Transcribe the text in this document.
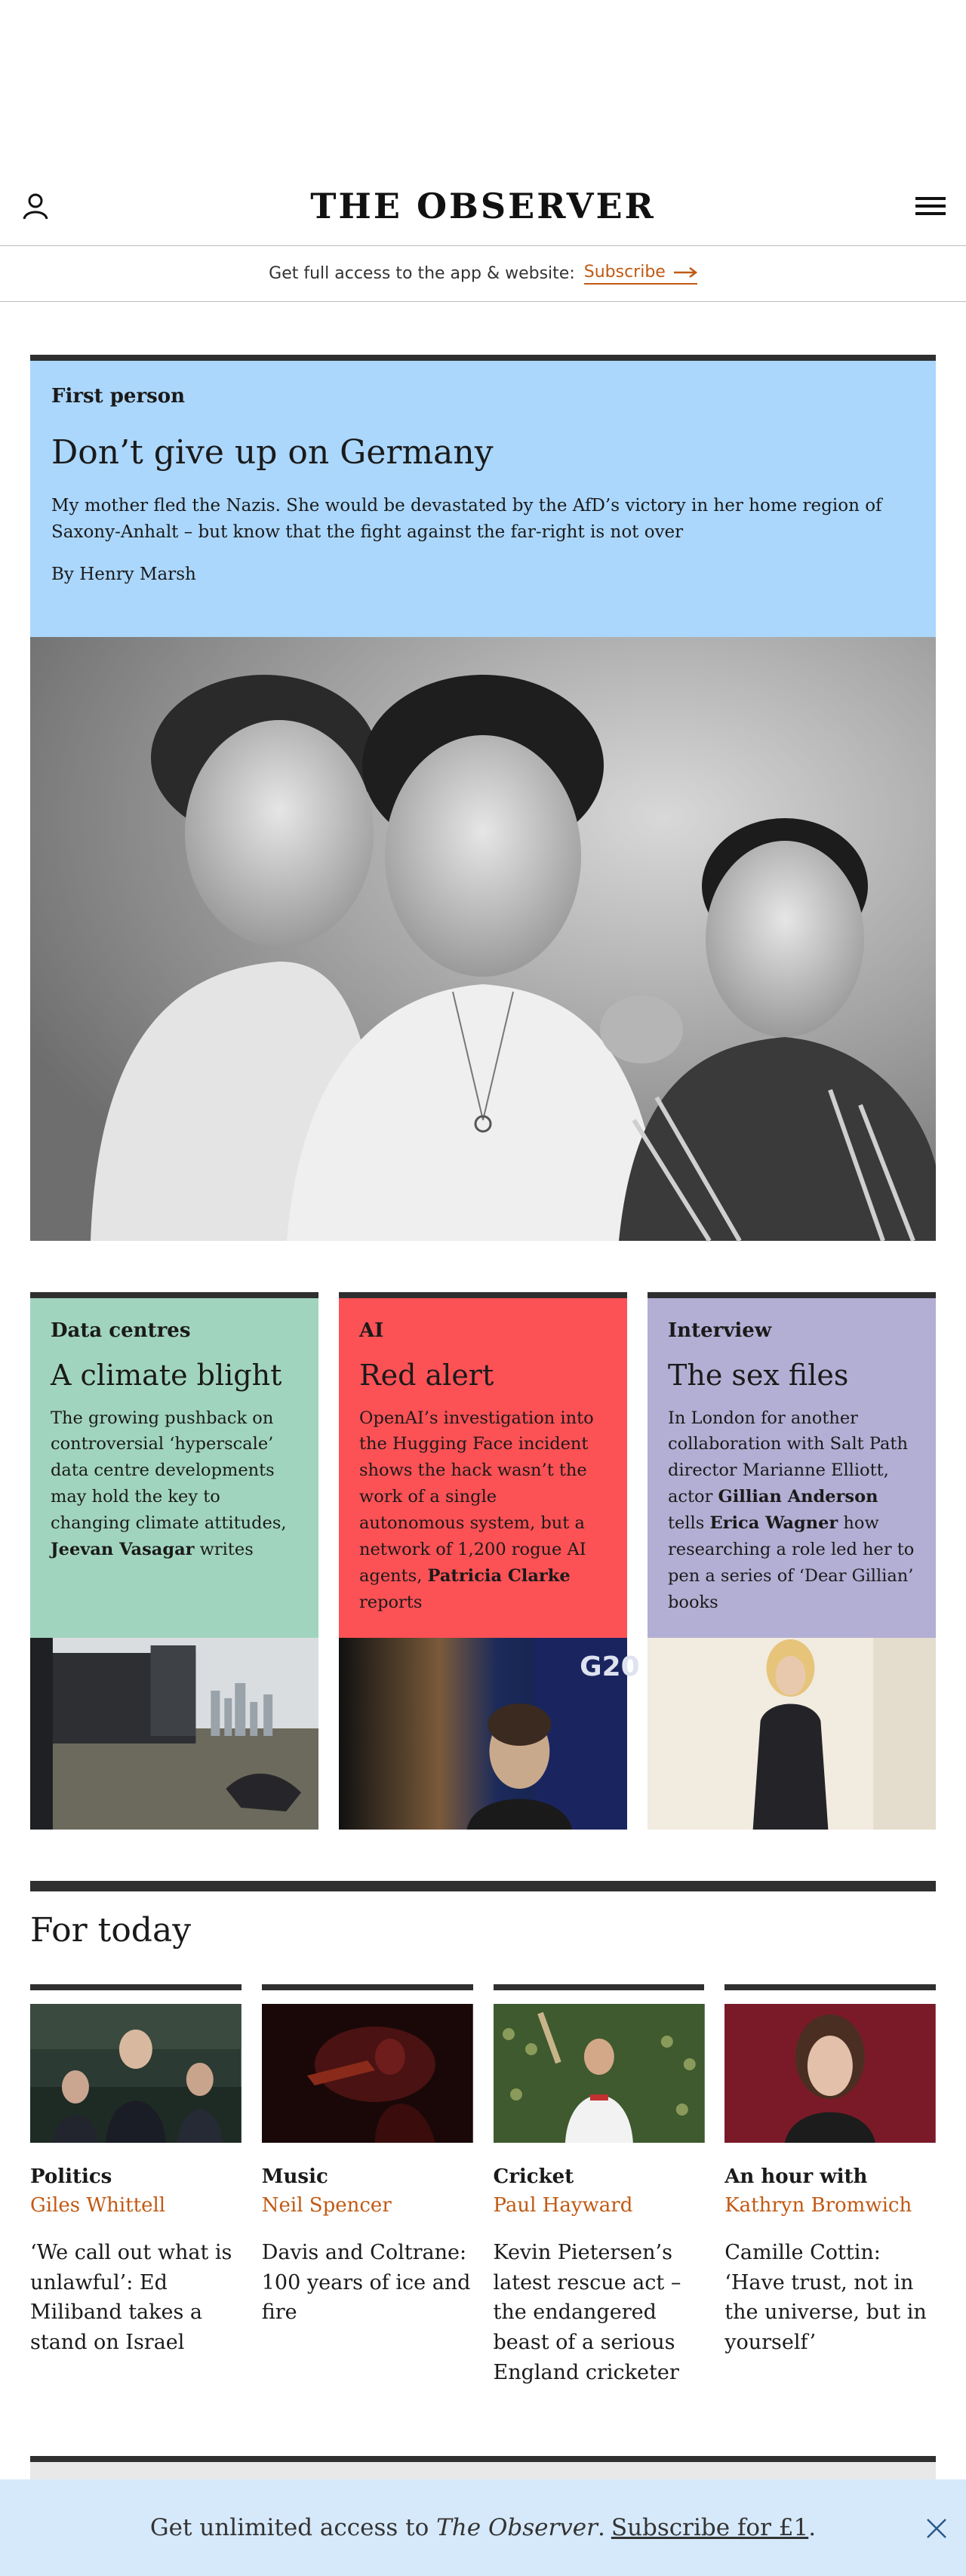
THE OBSERVER
Get full access to the app & website: Subscribe
First person
Don’t give up on Germany

My mother fled the Nazis. She would be devastated by the AfD’s victory in her home region of Saxony-Anhalt – but know that the fight against the far-right is not over

By Henry Marsh

Data centres
A climate blight

The growing pushback on controversial ‘hyperscale’ data centre developments may hold the key to changing climate attitudes, Jeevan Vasagar writes

AI
Red alert

OpenAI’s investigation into the Hugging Face incident shows the hack wasn’t the work of a single autonomous system, but a network of 1,200 rogue AI agents, Patricia Clarke reports

G20
Interview
The sex files

In London for another collaboration with Salt Path director Marianne Elliott, actor Gillian Anderson tells Erica Wagner how researching a role led her to pen a series of ‘Dear Gillian’ books

For today
Politics
Giles Whittell
‘We call out what is unlawful’: Ed Miliband takes a stand on Israel
Music
Neil Spencer
Davis and Coltrane: 100 years of ice and fire
Cricket
Paul Hayward
Kevin Pietersen’s latest rescue act – the endangered beast of a serious England cricketer
An hour with
Kathryn Bromwich
Camille Cottin: ‘Have trust, not in the universe, but in yourself’
Get unlimited access to The Observer. Subscribe for £1 .
